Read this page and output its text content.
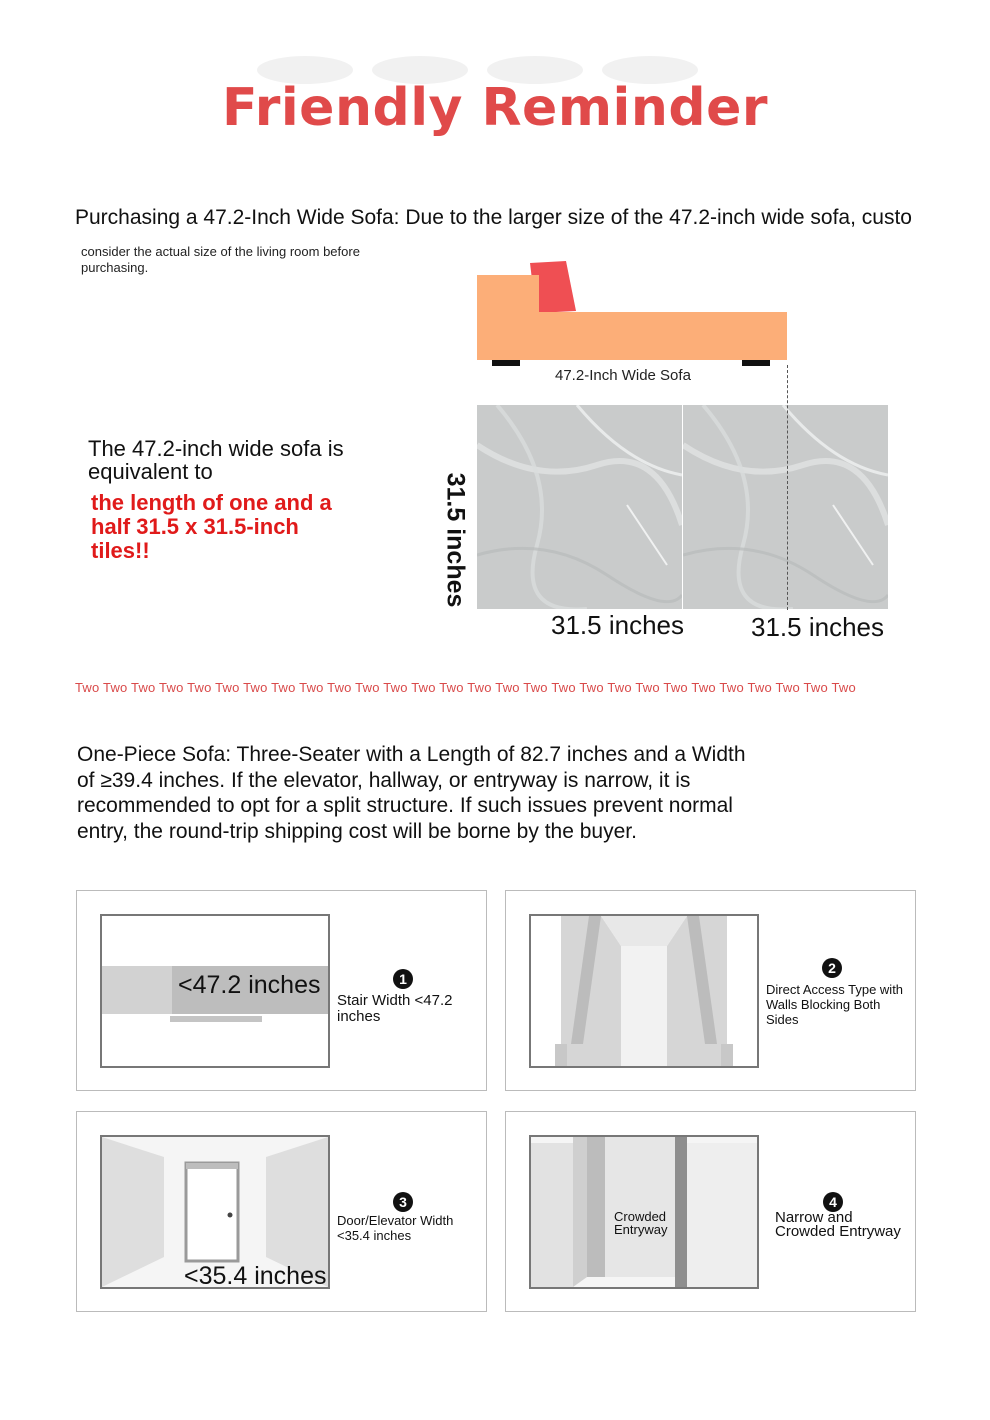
Friendly Reminder
Purchasing a 47.2-Inch Wide Sofa: Due to the larger size of the 47.2-inch wide sofa, custo
consider the actual size of the living room before purchasing.
The 47.2-inch wide sofa is equivalent to
the length of one and a half 31.5 x 31.5-inch tiles!!
47.2-Inch Wide Sofa
31.5 inches
31.5 inches	31.5 inches
Two Two Two Two Two Two Two Two Two Two Two Two Two Two Two Two Two Two Two Two Two Two Two Two Two Two Two Two
One-Piece Sofa: Three-Seater with a Length of 82.7 inches and a Width of ≥39.4 inches. If the elevator, hallway, or entryway is narrow, it is recommended to opt for a split structure. If such issues prevent normal entry, the round-trip shipping cost will be borne by the buyer.
<47.2 inches	1
Stair Width <47.2 inches
2
Direct Access Type with Walls Blocking Both Sides
<35.4 inches
3
Door/Elevator Width <35.4 inches
Crowded Entryway
4
Narrow and Crowded Entryway
